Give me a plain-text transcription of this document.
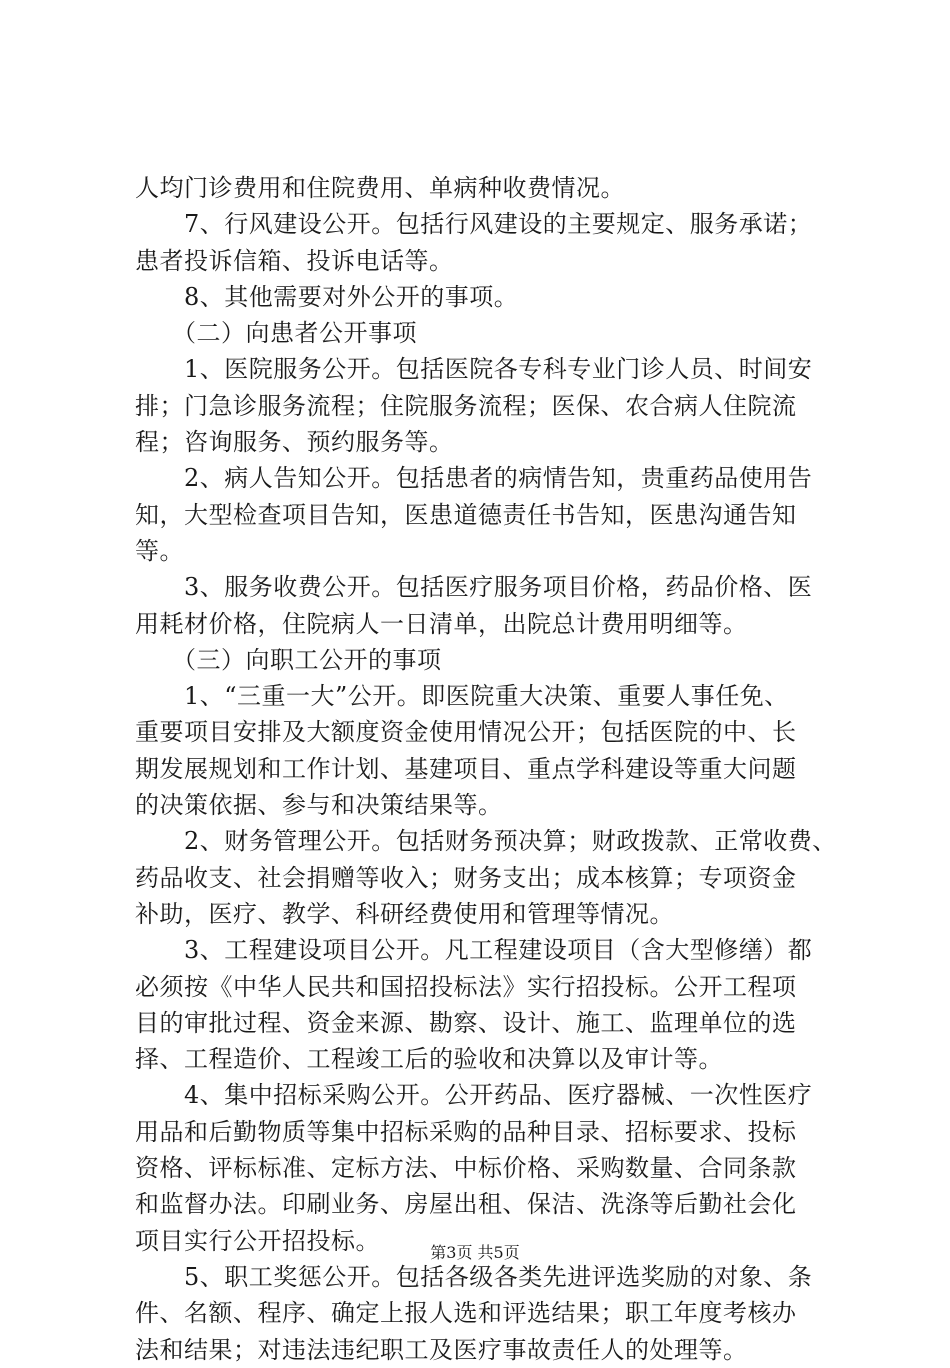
人均门诊费用和住院费用、单病种收费情况。
　　7、行风建设公开。包括行风建设的主要规定、服务承诺；
患者投诉信箱、投诉电话等。
　　8、其他需要对外公开的事项。
　　（二）向患者公开事项
　　1、医院服务公开。包括医院各专科专业门诊人员、时间安
排；门急诊服务流程；住院服务流程；医保、农合病人住院流
程；咨询服务、预约服务等。
　　2、病人告知公开。包括患者的病情告知，贵重药品使用告
知，大型检查项目告知，医患道德责任书告知，医患沟通告知
等。
　　3、服务收费公开。包括医疗服务项目价格，药品价格、医
用耗材价格，住院病人一日清单，出院总计费用明细等。
　　（三）向职工公开的事项
　　1、“三重一大”公开。即医院重大决策、重要人事任免、
重要项目安排及大额度资金使用情况公开；包括医院的中、长
期发展规划和工作计划、基建项目、重点学科建设等重大问题
的决策依据、参与和决策结果等。
　　2、财务管理公开。包括财务预决算；财政拨款、正常收费、
药品收支、社会捐赠等收入；财务支出；成本核算；专项资金
补助，医疗、教学、科研经费使用和管理等情况。
　　3、工程建设项目公开。凡工程建设项目（含大型修缮）都
必须按《中华人民共和国招投标法》实行招投标。公开工程项
目的审批过程、资金来源、勘察、设计、施工、监理单位的选
择、工程造价、工程竣工后的验收和决算以及审计等。
　　4、集中招标采购公开。公开药品、医疗器械、一次性医疗
用品和后勤物质等集中招标采购的品种目录、招标要求、投标
资格、评标标准、定标方法、中标价格、采购数量、合同条款
和监督办法。印刷业务、房屋出租、保洁、洗涤等后勤社会化
项目实行公开招投标。
　　5、职工奖惩公开。包括各级各类先进评选奖励的对象、条
件、名额、程序、确定上报人选和评选结果；职工年度考核办
法和结果；对违法违纪职工及医疗事故责任人的处理等。
第3页 共5页
